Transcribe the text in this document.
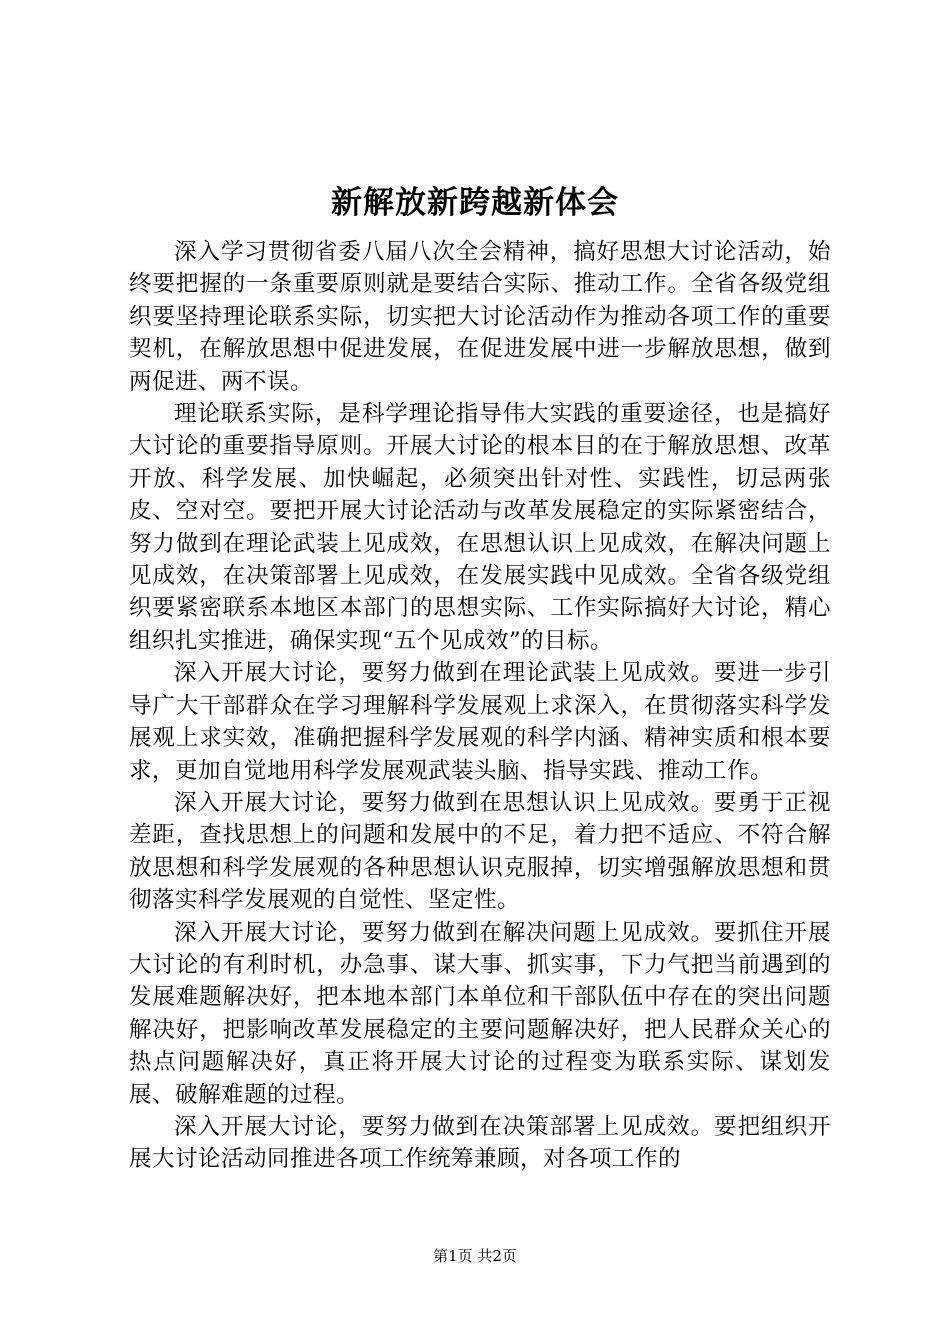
新解放新跨越新体会

深入学习贯彻省委八届八次全会精神，搞好思想大讨论活动，始终要把握的一条重要原则就是要结合实际、推动工作。全省各级党组织要坚持理论联系实际，切实把大讨论活动作为推动各项工作的重要契机，在解放思想中促进发展，在促进发展中进一步解放思想，做到两促进、两不误。

理论联系实际，是科学理论指导伟大实践的重要途径，也是搞好大讨论的重要指导原则。开展大讨论的根本目的在于解放思想、改革开放、科学发展、加快崛起，必须突出针对性、实践性，切忌两张皮、空对空。要把开展大讨论活动与改革发展稳定的实际紧密结合，努力做到在理论武装上见成效，在思想认识上见成效，在解决问题上见成效，在决策部署上见成效，在发展实践中见成效。全省各级党组织要紧密联系本地区本部门的思想实际、工作实际搞好大讨论，精心组织扎实推进，确保实现“五个见成效”的目标。

深入开展大讨论，要努力做到在理论武装上见成效。要进一步引导广大干部群众在学习理解科学发展观上求深入，在贯彻落实科学发展观上求实效，准确把握科学发展观的科学内涵、精神实质和根本要求，更加自觉地用科学发展观武装头脑、指导实践、推动工作。

深入开展大讨论，要努力做到在思想认识上见成效。要勇于正视差距，查找思想上的问题和发展中的不足，着力把不适应、不符合解放思想和科学发展观的各种思想认识克服掉，切实增强解放思想和贯彻落实科学发展观的自觉性、坚定性。

深入开展大讨论，要努力做到在解决问题上见成效。要抓住开展大讨论的有利时机，办急事、谋大事、抓实事，下力气把当前遇到的发展难题解决好，把本地本部门本单位和干部队伍中存在的突出问题解决好，把影响改革发展稳定的主要问题解决好，把人民群众关心的热点问题解决好，真正将开展大讨论的过程变为联系实际、谋划发展、破解难题的过程。

深入开展大讨论，要努力做到在决策部署上见成效。要把组织开展大讨论活动同推进各项工作统筹兼顾，对各项工作的

第1页 共2页
